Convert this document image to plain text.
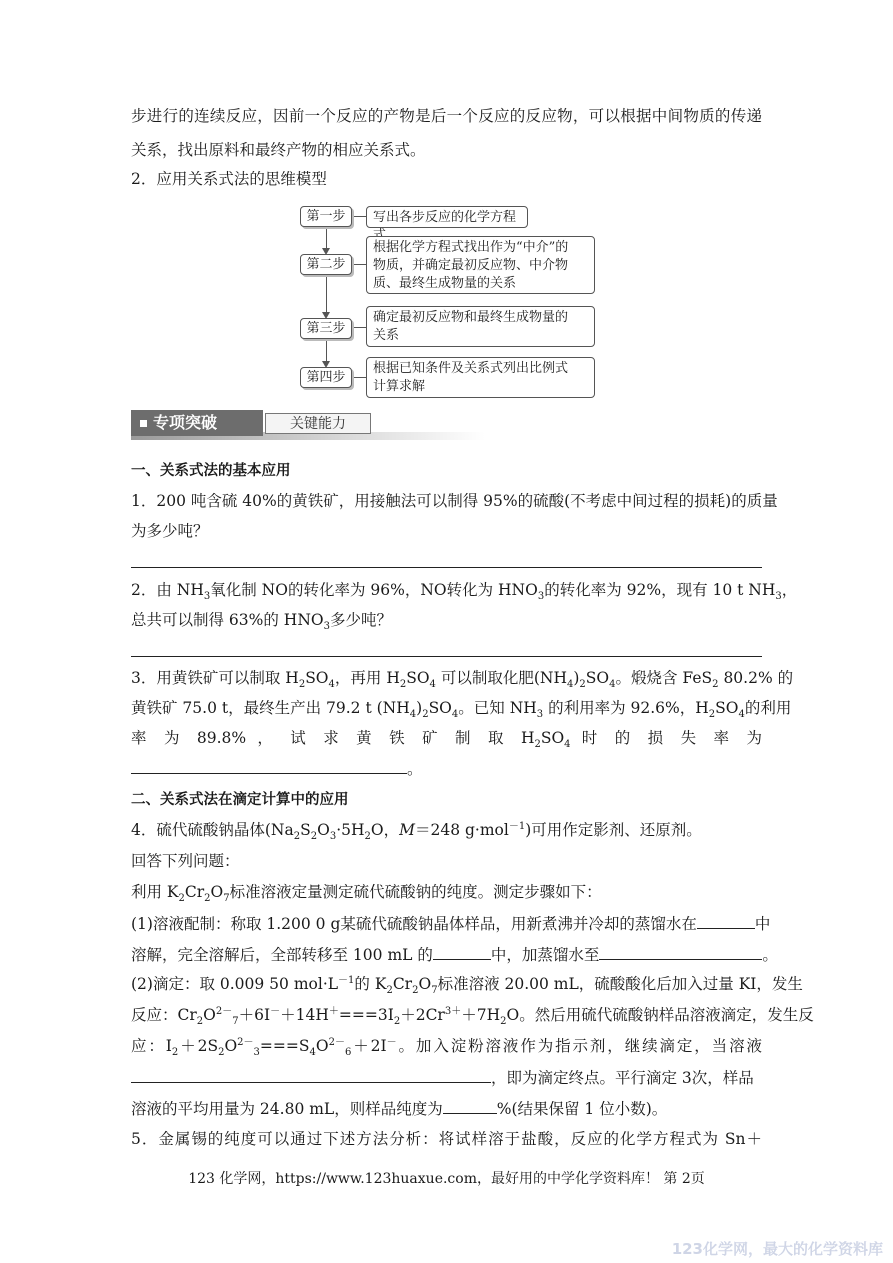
步进行的连续反应，因前一个反应的产物是后一个反应的反应物，可以根据中间物质的传递
关系，找出原料和最终产物的相应关系式。
2．应用关系式法的思维模型
第一步
第二步
第三步
第四步
写出各步反应的化学方程
根据化学方程式找出作为“中介”的
物质，并确定最初反应物、中介物
质、最终生成物量的关系
确定最初反应物和最终生成物量的
关系
根据已知条件及关系式列出比例式
计算求解
专项突破	关键能力
一、关系式法的基本应用
1．200 吨含硫 40%的黄铁矿，用接触法可以制得 95%的硫酸(不考虑中间过程的损耗)的质量
为多少吨？
2．由 $NH_3$氧化制 NO的转化率为 96%，NO转化为 $HNO_3$的转化率为 92%，现有 10 t $NH_3$，
总共可以制得 63%的 $HNO_3$多少吨？
3．用黄铁矿可以制取 $H_2SO_4$，再用 $H_2SO_4$ 可以制取化肥$(NH_4)_2SO_4$。煅烧含 FeS$_2$ 80.2% 的
黄铁矿 75.0 t，最终生产出 79.2 t $(NH_4)_2SO_4$。已知 $NH_3$ 的利用率为 92.6%，$H_2SO_4$的利用
率 为 89.8% ， 试 求 黄 铁 矿 制 取 $H_2SO_4$ 时 的 损 失 率 为
。
二、关系式法在滴定计算中的应用
4．硫代硫酸钠晶体($Na_2S_2O_3\cdot 5H_2O$，M＝248 g·mol$^{-1}$)可用作定影剂、还原剂。
回答下列问题：
利用 $K_2Cr_2O_7$标准溶液定量测定硫代硫酸钠的纯度。测定步骤如下：
(1)溶液配制：称取 1.200 0 g某硫代硫酸钠晶体样品，用新煮沸并冷却的蒸馏水在	中
溶解，完全溶解后，全部转移至 100 mL 的	中，加蒸馏水至	。
(2)滴定：取 0.009 50 $mol\cdot L^{-1}$的 $K_2Cr_2O_7$标准溶液 20.00 mL，硫酸酸化后加入过量 KI，发生
反应：$Cr_2O^{2-}_7+6I^-+14H^+===3I_2+2Cr^{3+}+7H_2O$。然后用硫代硫酸钠样品溶液滴定，发生反
应：$I_2+2S_2O^{2-}_3===S_4O^{2-}_6+2I^-$。加入淀粉溶液作为指示剂，继续滴定，当溶液
，即为滴定终点。平行滴定 3次，样品
溶液的平均用量为 24.80 mL，则样品纯度为	%(结果保留 1 位小数)。
5．金属锡的纯度可以通过下述方法分析：将试样溶于盐酸，反应的化学方程式为 Sn＋
123 化学网，https://www.123huaxue.com，最好用的中学化学资料库！ 第 2页
123化学网，最大的化学资料库
